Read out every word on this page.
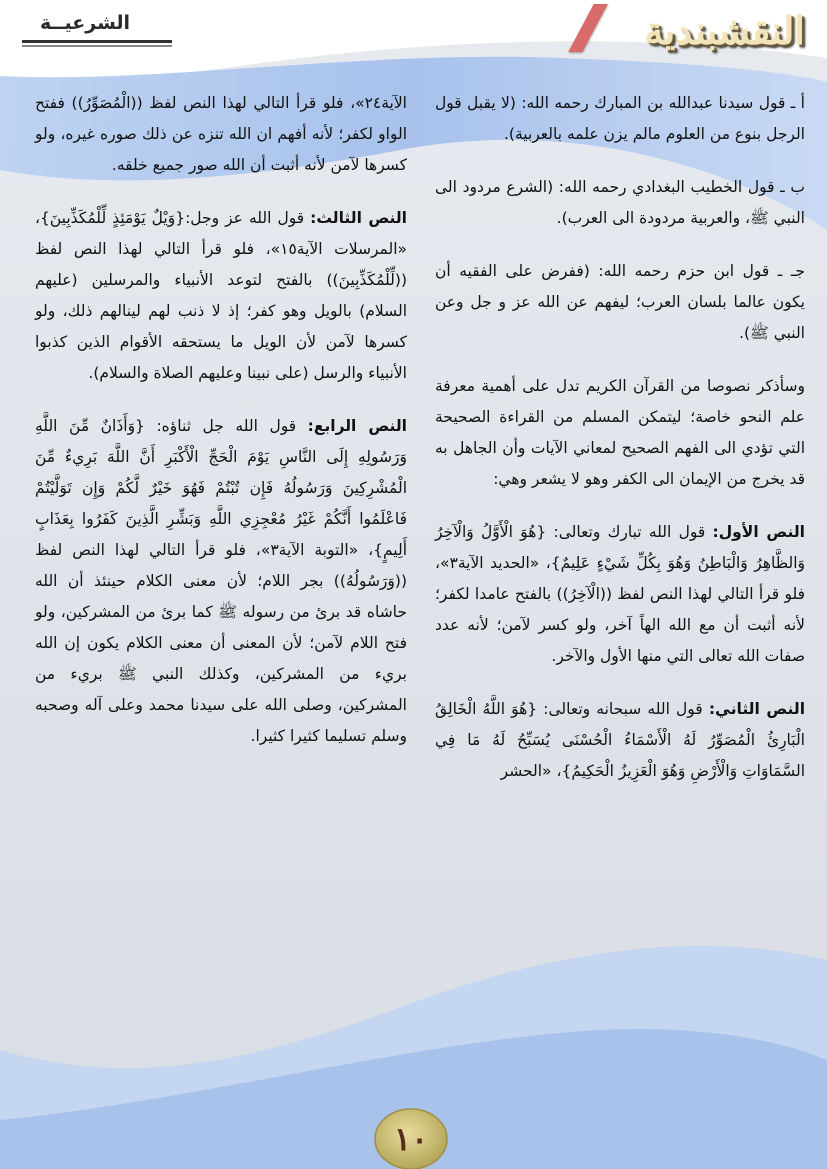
النقشبندية
الشرعيــة

أ ـ قول سيدنا عبدالله بن المبارك رحمه الله: (لا يقبل قول الرجل بنوع من العلوم مالم يزن علمه بالعربية).

ب ـ قول الخطيب البغدادي رحمه الله: (الشرع مردود الى النبي ﷺ، والعربية مردودة الى العرب).

جـ ـ قول ابن حزم رحمه الله: (ففرض على الفقيه أن يكون عالما بلسان العرب؛ ليفهم عن الله عز و جل وعن النبي ﷺ).

وسأذكر نصوصا من القرآن الكريم تدل على أهمية معرفة علم النحو خاصة؛ ليتمكن المسلم من القراءة الصحيحة التي تؤدي الى الفهم الصحيح لمعاني الآيات وأن الجاهل به قد يخرج من الإيمان الى الكفر وهو لا يشعر وهي:

النص الأول: قول الله تبارك وتعالى: {هُوَ الْأَوَّلُ وَالْآخِرُ وَالظَّاهِرُ وَالْبَاطِنُ وَهُوَ بِكُلِّ شَيْءٍ عَلِيمٌ}، «الحديد الآية٣»، فلو قرأ التالي لهذا النص لفظ ((الْآخِرُ)) بالفتح عامدا لكفر؛ لأنه أثبت أن مع الله الهاً آخر، ولو كسر لآمن؛ لأنه عدد صفات الله تعالى التي منها الأول والآخر.

النص الثاني: قول الله سبحانه وتعالى: {هُوَ اللَّهُ الْخَالِقُ الْبَارِئُ الْمُصَوِّرُ لَهُ الْأَسْمَاءُ الْحُسْنَى يُسَبِّحُ لَهُ مَا فِي السَّمَاوَاتِ وَالْأَرْضِ وَهُوَ الْعَزِيزُ الْحَكِيمُ}، «الحشر

الآية٢٤»، فلو قرأ التالي لهذا النص لفظ ((الْمُصَوِّرُ)) ففتح الواو لكفر؛ لأنه أفهم ان الله تنزه عن ذلك صوره غيره، ولو كسرها لآمن لأنه أثبت أن الله صور جميع خلقه.

النص الثالث: قول الله عز وجل:{وَيْلٌ يَوْمَئِذٍ لِّلْمُكَذِّبِينَ}، «المرسلات الآية١٥»، فلو قرأ التالي لهذا النص لفظ ((لِّلْمُكَذِّبِينَ)) بالفتح لتوعد الأنبياء والمرسلين (عليهم السلام) بالويل وهو كفر؛ إذ لا ذنب لهم لينالهم ذلك، ولو كسرها لآمن لأن الويل ما يستحقه الأقوام الذين كذبوا الأنبياء والرسل (على نبينا وعليهم الصلاة والسلام).

النص الرابع: قول الله جل ثناؤه: {وَأَذَانٌ مِّنَ اللَّهِ وَرَسُولِهِ إِلَى النَّاسِ يَوْمَ الْحَجِّ الْأَكْبَرِ أَنَّ اللَّهَ بَرِيءٌ مِّنَ الْمُشْرِكِينَ وَرَسُولُهُ فَإِن تُبْتُمْ فَهُوَ خَيْرٌ لَّكُمْ وَإِن تَوَلَّيْتُمْ فَاعْلَمُوا أَنَّكُمْ غَيْرُ مُعْجِزِي اللَّهِ وَبَشِّرِ الَّذِينَ كَفَرُوا بِعَذَابٍ أَلِيمٍ}، «التوبة الآية٣»، فلو قرأ التالي لهذا النص لفظ ((وَرَسُولُهُ)) بجر اللام؛ لأن معنى الكلام حينئذ أن الله حاشاه قد برئ من رسوله ﷺ كما برئ من المشركين، ولو فتح اللام لآمن؛ لأن المعنى أن معنى الكلام يكون إن الله بريء من المشركين، وكذلك النبي ﷺ بريء من المشركين، وصلى الله على سيدنا محمد وعلى آله وصحبه وسلم تسليما كثيرا كثيرا.

١٠
